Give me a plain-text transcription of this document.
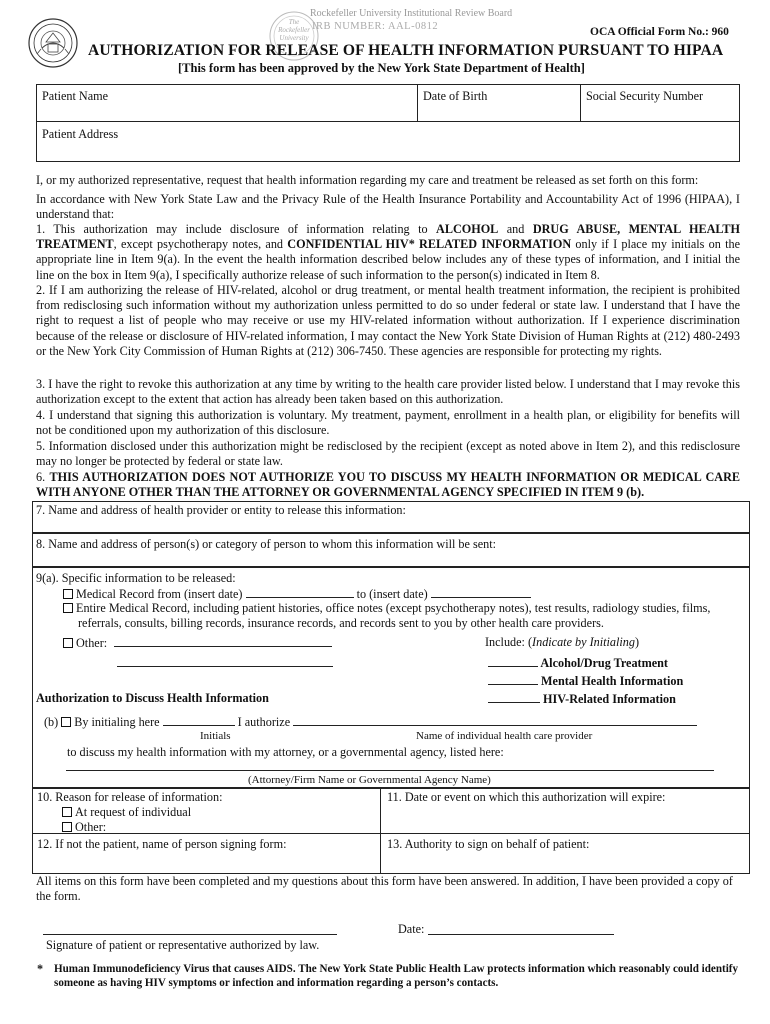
The Rockefeller University
Rockefeller University Institutional Review Board
IRB NUMBER: AAL-0812	OCA Official Form No.: 960
AUTHORIZATION FOR RELEASE OF HEALTH INFORMATION PURSUANT TO HIPAA
[This form has been approved by the New York State Department of Health]
Patient Name	Date of Birth	Social Security Number
Patient Address
I, or my authorized representative, request that health information regarding my care and treatment be released as set forth on this form:
In accordance with New York State Law and the Privacy Rule of the Health Insurance Portability and Accountability Act of 1996 (HIPAA), I understand that:
1. This authorization may include disclosure of information relating to ALCOHOL and DRUG ABUSE, MENTAL HEALTH TREATMENT, except psychotherapy notes, and CONFIDENTIAL HIV* RELATED INFORMATION only if I place my initials on the appropriate line in Item 9(a). In the event the health information described below includes any of these types of information, and I initial the line on the box in Item 9(a), I specifically authorize release of such information to the person(s) indicated in Item 8.
2. If I am authorizing the release of HIV-related, alcohol or drug treatment, or mental health treatment information, the recipient is prohibited from redisclosing such information without my authorization unless permitted to do so under federal or state law. I understand that I have the right to request a list of people who may receive or use my HIV-related information without authorization. If I experience discrimination because of the release or disclosure of HIV-related information, I may contact the New York State Division of Human Rights at (212) 480-2493 or the New York City Commission of Human Rights at (212) 306-7450. These agencies are responsible for protecting my rights.
3. I have the right to revoke this authorization at any time by writing to the health care provider listed below. I understand that I may revoke this authorization except to the extent that action has already been taken based on this authorization.
4. I understand that signing this authorization is voluntary. My treatment, payment, enrollment in a health plan, or eligibility for benefits will not be conditioned upon my authorization of this disclosure.
5. Information disclosed under this authorization might be redisclosed by the recipient (except as noted above in Item 2), and this redisclosure may no longer be protected by federal or state law.
6. THIS AUTHORIZATION DOES NOT AUTHORIZE YOU TO DISCUSS MY HEALTH INFORMATION OR MEDICAL CARE WITH ANYONE OTHER THAN THE ATTORNEY OR GOVERNMENTAL AGENCY SPECIFIED IN ITEM 9 (b).
7. Name and address of health provider or entity to release this information:
8. Name and address of person(s) or category of person to whom this information will be sent:
9(a). Specific information to be released:
Medical Record from (insert date)	to (insert date)
Entire Medical Record, including patient histories, office notes (except psychotherapy notes), test results, radiology studies, films,
referrals, consults, billing records, insurance records, and records sent to you by other health care providers.
Other:	Include: (Indicate by Initialing)
Alcohol/Drug Treatment
Mental Health Information
HIV-Related Information
Authorization to Discuss Health Information
(b) By initialing here	I authorize
Initials	Name of individual health care provider
to discuss my health information with my attorney, or a governmental agency, listed here:
(Attorney/Firm Name or Governmental Agency Name)
10. Reason for release of information:
At request of individual
Other:
11. Date or event on which this authorization will expire:
12. If not the patient, name of person signing form:	13. Authority to sign on behalf of patient:
All items on this form have been completed and my questions about this form have been answered. In addition, I have been provided a copy of the form.
Date:
Signature of patient or representative authorized by law.
* Human Immunodeficiency Virus that causes AIDS. The New York State Public Health Law protects information which reasonably could identify someone as having HIV symptoms or infection and information regarding a person’s contacts.
